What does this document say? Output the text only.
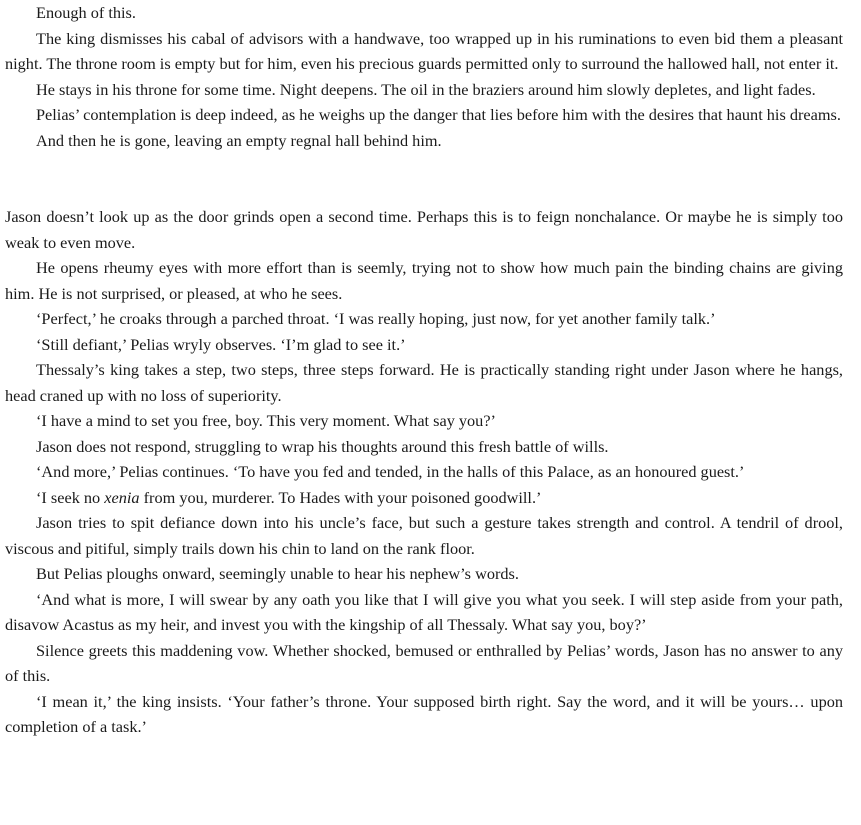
Enough of this.

The king dismisses his cabal of advisors with a handwave, too wrapped up in his ruminations to even bid them a pleasant night. The throne room is empty but for him, even his precious guards permitted only to surround the hallowed hall, not enter it.

He stays in his throne for some time. Night deepens. The oil in the braziers around him slowly depletes, and light fades.

Pelias’ contemplation is deep indeed, as he weighs up the danger that lies before him with the desires that haunt his dreams.

And then he is gone, leaving an empty regnal hall behind him.

Jason doesn’t look up as the door grinds open a second time. Perhaps this is to feign nonchalance. Or maybe he is simply too weak to even move.

He opens rheumy eyes with more effort than is seemly, trying not to show how much pain the binding chains are giving him. He is not surprised, or pleased, at who he sees.

‘Perfect,’ he croaks through a parched throat. ‘I was really hoping, just now, for yet another family talk.’

‘Still defiant,’ Pelias wryly observes. ‘I’m glad to see it.’

Thessaly’s king takes a step, two steps, three steps forward. He is practically standing right under Jason where he hangs, head craned up with no loss of superiority.

‘I have a mind to set you free, boy. This very moment. What say you?’

Jason does not respond, struggling to wrap his thoughts around this fresh battle of wills.

‘And more,’ Pelias continues. ‘To have you fed and tended, in the halls of this Palace, as an honoured guest.’

‘I seek no xenia from you, murderer. To Hades with your poisoned goodwill.’

Jason tries to spit defiance down into his uncle’s face, but such a gesture takes strength and control. A tendril of drool, viscous and pitiful, simply trails down his chin to land on the rank floor.

But Pelias ploughs onward, seemingly unable to hear his nephew’s words.

‘And what is more, I will swear by any oath you like that I will give you what you seek. I will step aside from your path, disavow Acastus as my heir, and invest you with the kingship of all Thessaly. What say you, boy?’

Silence greets this maddening vow. Whether shocked, bemused or enthralled by Pelias’ words, Jason has no answer to any of this.

‘I mean it,’ the king insists. ‘Your father’s throne. Your supposed birth right. Say the word, and it will be yours… upon completion of a task.’
